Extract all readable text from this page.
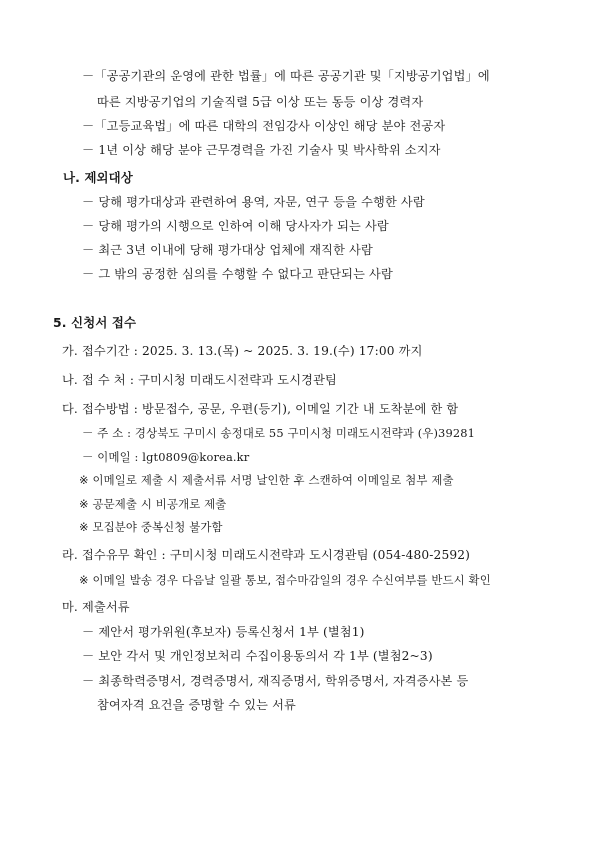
－「공공기관의 운영에 관한 법률」에 따른 공공기관 및「지방공기업법」에
따른 지방공기업의 기술직렬 5급 이상 또는 동등 이상 경력자
－「고등교육법」에 따른 대학의 전임강사 이상인 해당 분야 전공자
－ 1년 이상 해당 분야 근무경력을 가진 기술사 및 박사학위 소지자
나. 제외대상
－ 당해 평가대상과 관련하여 용역, 자문, 연구 등을 수행한 사람
－ 당해 평가의 시행으로 인하여 이해 당사자가 되는 사람
－ 최근 3년 이내에 당해 평가대상 업체에 재직한 사람
－ 그 밖의 공정한 심의를 수행할 수 없다고 판단되는 사람
5. 신청서 접수
가. 접수기간 : 2025. 3. 13.(목) ~ 2025. 3. 19.(수) 17:00 까지
나. 접 수 처 : 구미시청 미래도시전략과 도시경관팀
다. 접수방법 : 방문접수, 공문, 우편(등기), 이메일 기간 내 도착분에 한 함
－ 주 소 : 경상북도 구미시 송정대로 55 구미시청 미래도시전략과 (우)39281
－ 이메일 : lgt0809@korea.kr
※ 이메일로 제출 시 제출서류 서명 날인한 후 스캔하여 이메일로 첨부 제출
※ 공문제출 시 비공개로 제출
※ 모집분야 중복신청 불가함
라. 접수유무 확인 : 구미시청 미래도시전략과 도시경관팀 (054-480-2592)
※ 이메일 발송 경우 다음날 일괄 통보, 접수마감일의 경우 수신여부를 반드시 확인
마. 제출서류
－ 제안서 평가위원(후보자) 등록신청서 1부 (별첨1)
－ 보안 각서 및 개인정보처리 수집이용동의서 각 1부 (별첨2~3)
－ 최종학력증명서, 경력증명서, 재직증명서, 학위증명서, 자격증사본 등
참여자격 요건을 증명할 수 있는 서류
